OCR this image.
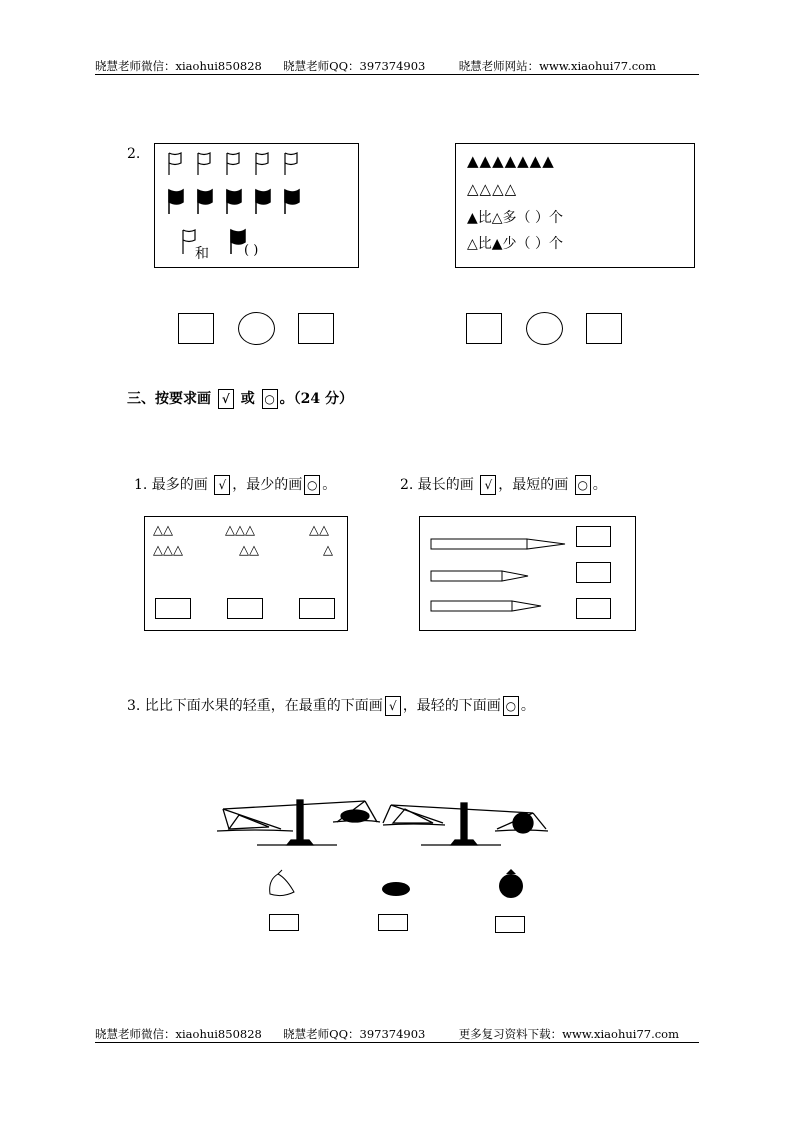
晓慧老师微信：xiaohui850828 晓慧老师QQ：397374903	晓慧老师网站：www.xiaohui77.com
2.
和	( )
▲▲▲▲▲▲▲
△△△△
▲比△多（ ）个
△比▲少（ ）个
三、按要求画 √ 或 ○ 。（24 分）
1. 最多的画 √ ，最少的画 ○ 。	2. 最长的画 √ ，最短的画 ○ 。
△△
△△△
△△△
△△
△△
△
3. 比比下面水果的轻重，在最重的下面画 √ ，最轻的下面画 ○ 。
晓慧老师微信：xiaohui850828 晓慧老师QQ：397374903	更多复习资料下载：www.xiaohui77.com
